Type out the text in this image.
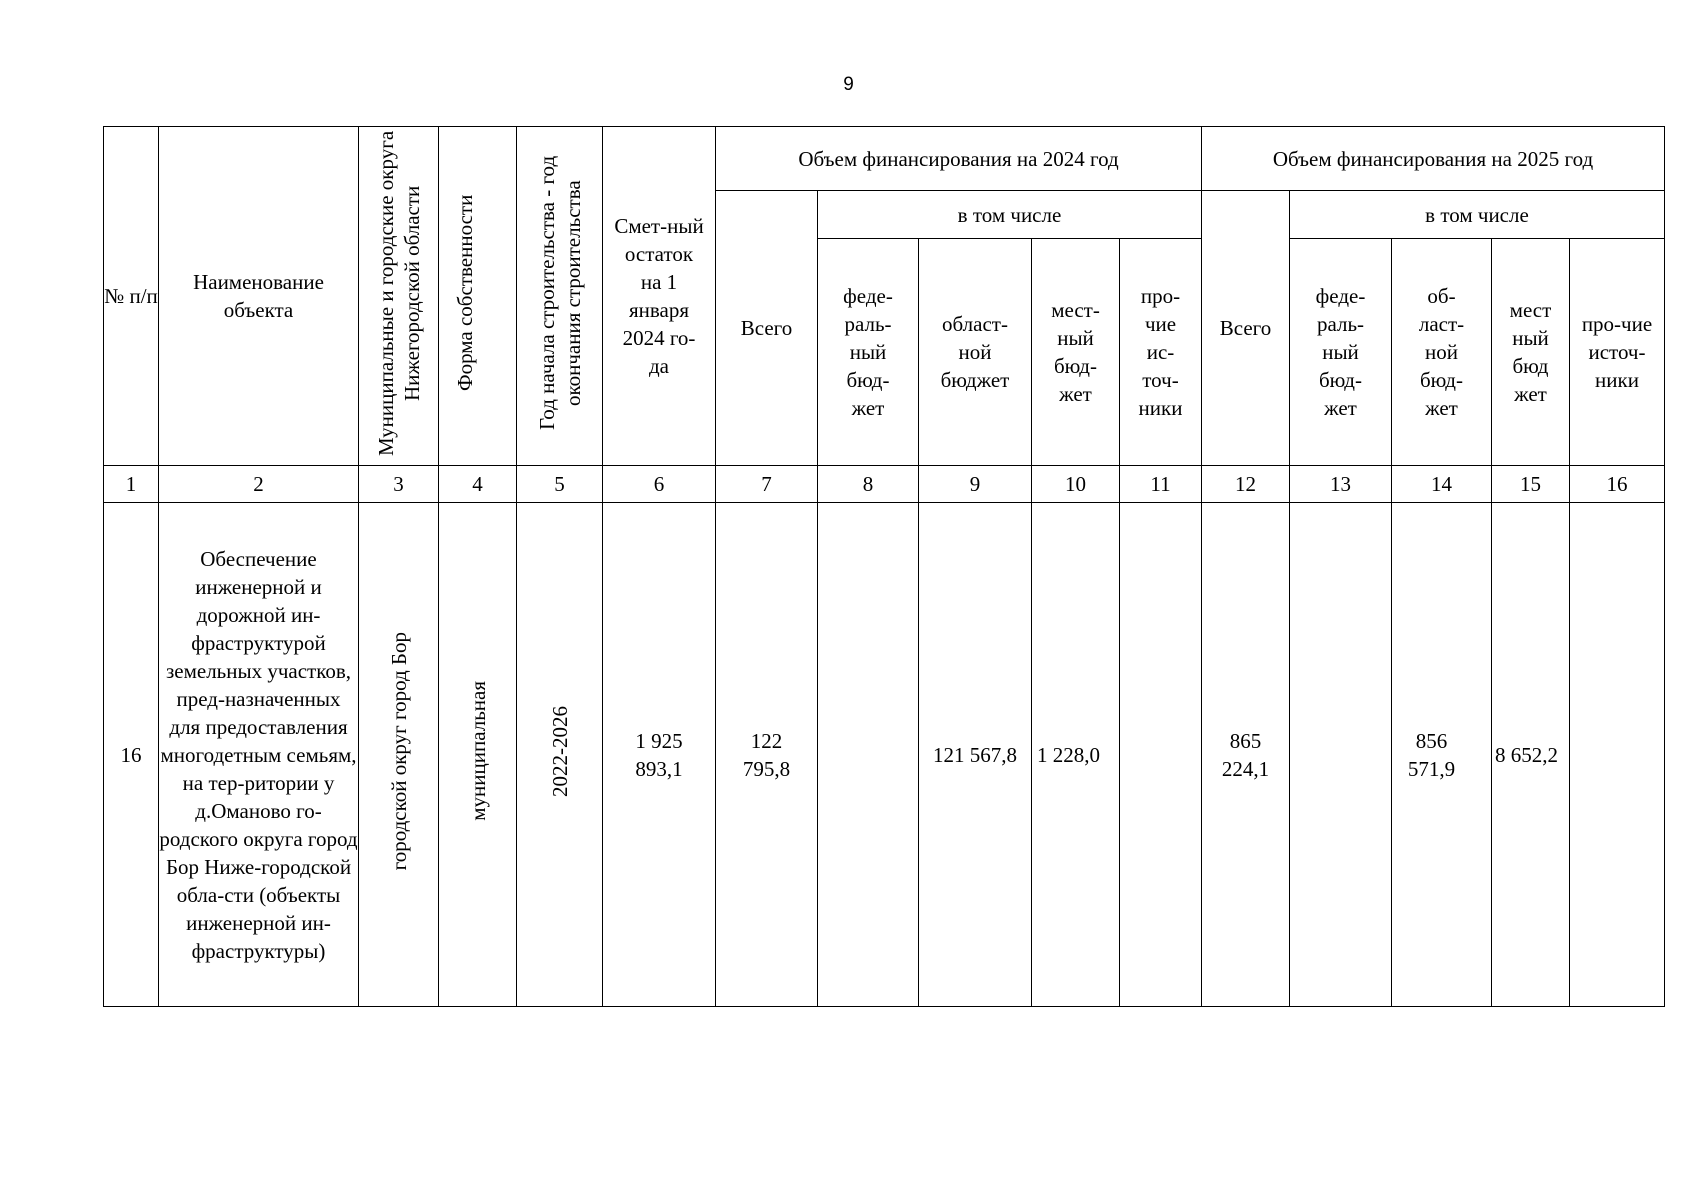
9
№ п/п	Наименование объекта	Муниципальные и городские округа Нижегородской области	Форма собственности	Год начала строительства - год окончания строительства	Смет-ный остаток на 1 января 2024 го-да	Объем финансирования на 2024 год					Объем финансирования на 2025 год				
						Всего	в том числе				Всего	в том числе			
							феде-раль-ный бюд-жет	област-ной бюджет	мест-ный бюд-жет	про-чие ис-точ-ники		феде-раль-ный бюд-жет	об-ласт-ной бюд-жет	мест ный бюд жет	про-чие источ-ники
1	2	3	4	5	6	7	8	9	10	11	12	13	14	15	16
16	Обеспечение инженерной и дорожной ин-фраструктурой земельных участков, пред-назначенных для предоставления многодетным семьям, на тер-ритории у д.Оманово го-родского округа город Бор Ниже-городской обла-сти (объекты инженерной ин-фраструктуры)	городской округ город Бор	муниципальная	2022-2026	1 925 893,1	122 795,8		121 567,8	1 228,0		865 224,1		856 571,9	8 652,2	
